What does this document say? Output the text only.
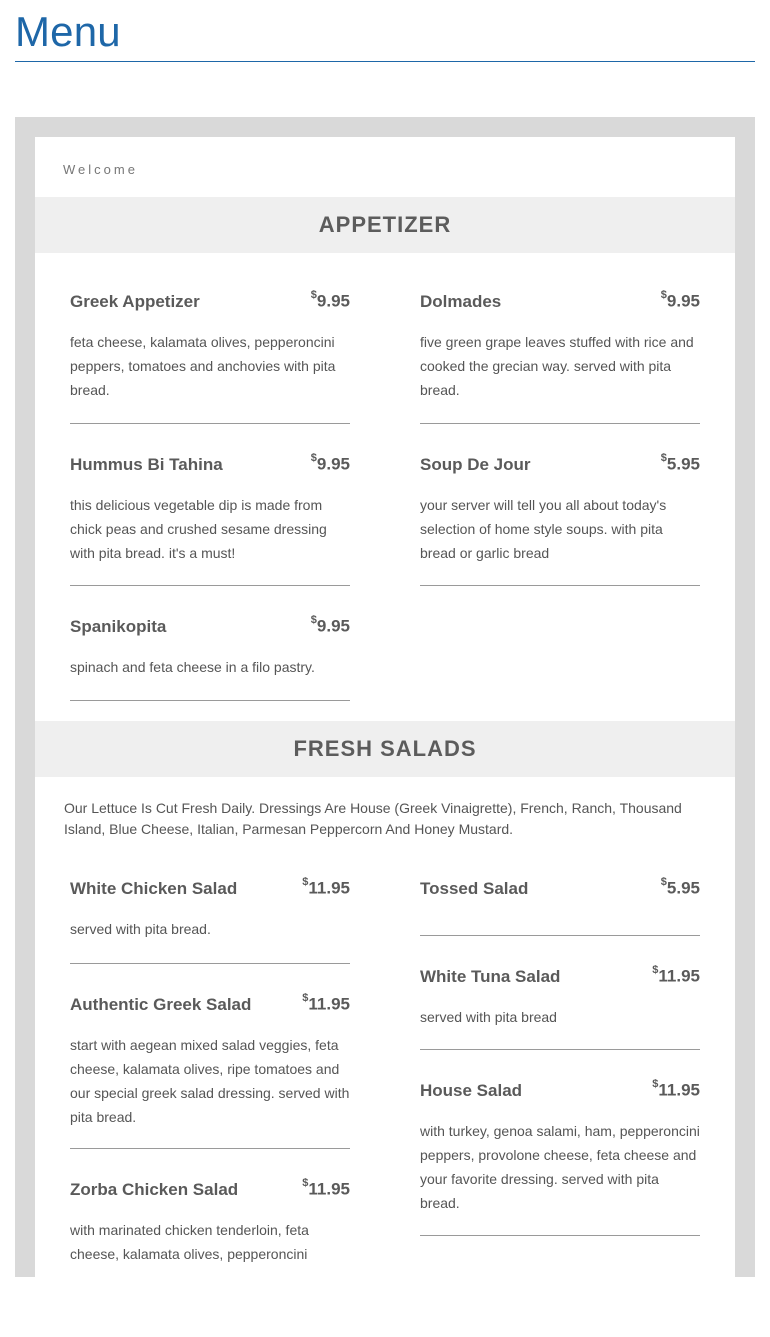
Menu
Welcome
APPETIZER
Greek Appetizer	$9.95

feta cheese, kalamata olives, pepperoncini peppers, tomatoes and anchovies with pita bread.

Hummus Bi Tahina	$9.95

this delicious vegetable dip is made from chick peas and crushed sesame dressing with pita bread. it's a must!

Spanikopita	$9.95

spinach and feta cheese in a filo pastry.

Dolmades	$9.95

five green grape leaves stuffed with rice and cooked the grecian way. served with pita bread.

Soup De Jour	$5.95

your server will tell you all about today's selection of home style soups. with pita bread or garlic bread

FRESH SALADS

Our Lettuce Is Cut Fresh Daily. Dressings Are House (Greek Vinaigrette), French, Ranch, Thousand Island, Blue Cheese, Italian, Parmesan Peppercorn And Honey Mustard.

White Chicken Salad	$11.95

served with pita bread.

Authentic Greek Salad	$11.95

start with aegean mixed salad veggies, feta cheese, kalamata olives, ripe tomatoes and our special greek salad dressing. served with pita bread.

Zorba Chicken Salad	$11.95

with marinated chicken tenderloin, feta cheese, kalamata olives, pepperoncini

Tossed Salad	$5.95
White Tuna Salad	$11.95

served with pita bread

House Salad	$11.95

with turkey, genoa salami, ham, pepperoncini peppers, provolone cheese, feta cheese and your favorite dressing. served with pita bread.
